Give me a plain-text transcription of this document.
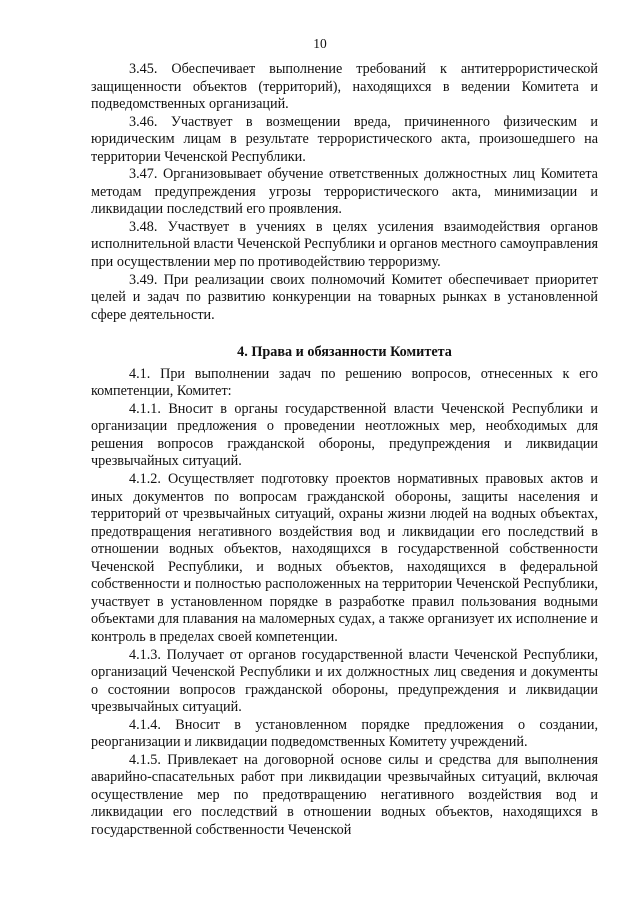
10

3.45. Обеспечивает выполнение требований к антитеррористической защищенности объектов (территорий), находящихся в ведении Комитета и подведомственных организаций.

3.46. Участвует в возмещении вреда, причиненного физическим и юридическим лицам в результате террористического акта, произошедшего на территории Чеченской Республики.

3.47. Организовывает обучение ответственных должностных лиц Комитета методам предупреждения угрозы террористического акта, минимизации и ликвидации последствий его проявления.

3.48. Участвует в учениях в целях усиления взаимодействия органов исполнительной власти Чеченской Республики и органов местного самоуправления при осуществлении мер по противодействию терроризму.

3.49. При реализации своих полномочий Комитет обеспечивает приоритет целей и задач по развитию конкуренции на товарных рынках в установленной сфере деятельности.

4. Права и обязанности Комитета

4.1. При выполнении задач по решению вопросов, отнесенных к его компетенции, Комитет:

4.1.1. Вносит в органы государственной власти Чеченской Республики и организации предложения о проведении неотложных мер, необходимых для решения вопросов гражданской обороны, предупреждения и ликвидации чрезвычайных ситуаций.

4.1.2. Осуществляет подготовку проектов нормативных правовых актов и иных документов по вопросам гражданской обороны, защиты населения и территорий от чрезвычайных ситуаций, охраны жизни людей на водных объектах, предотвращения негативного воздействия вод и ликвидации его последствий в отношении водных объектов, находящихся в государственной собственности Чеченской Республики, и водных объектов, находящихся в федеральной собственности и полностью расположенных на территории Чеченской Республики, участвует в установленном порядке в разработке правил пользования водными объектами для плавания на маломерных судах, а также организует их исполнение и контроль в пределах своей компетенции.

4.1.3. Получает от органов государственной власти Чеченской Республики, организаций Чеченской Республики и их должностных лиц сведения и документы о состоянии вопросов гражданской обороны, предупреждения и ликвидации чрезвычайных ситуаций.

4.1.4. Вносит в установленном порядке предложения о создании, реорганизации и ликвидации подведомственных Комитету учреждений.

4.1.5. Привлекает на договорной основе силы и средства для выполнения аварийно-спасательных работ при ликвидации чрезвычайных ситуаций, включая осуществление мер по предотвращению негативного воздействия вод и ликвидации его последствий в отношении водных объектов, находящихся в государственной собственности Чеченской
